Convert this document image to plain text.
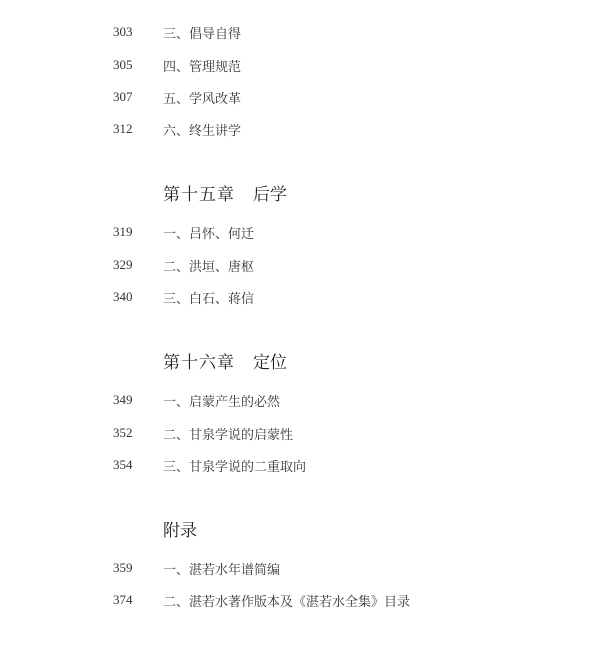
303	三、倡导自得
305	四、管理规范
307	五、学风改革
312	六、终生讲学
第十五章 后学
319	一、吕怀、何迁
329	二、洪垣、唐枢
340	三、白石、蒋信
第十六章 定位
349	一、启蒙产生的必然
352	二、甘泉学说的启蒙性
354	三、甘泉学说的二重取向
附录
359	一、湛若水年谱简编
374	二、湛若水著作版本及《湛若水全集》目录
